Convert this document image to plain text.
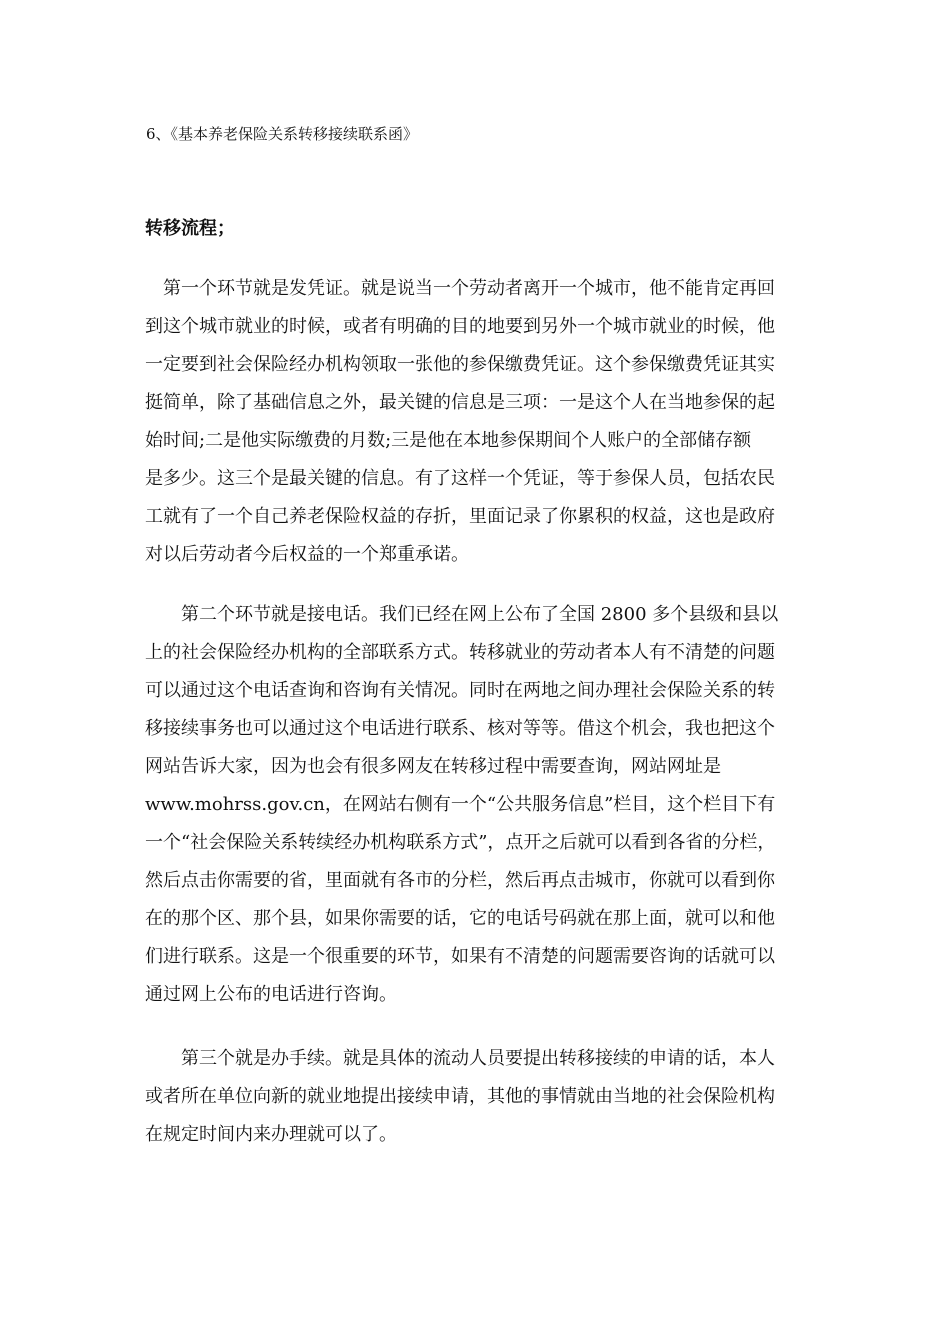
6、《基本养老保险关系转移接续联系函》
转移流程；
第一个环节就是发凭证。就是说当一个劳动者离开一个城市，他不能肯定再回
到这个城市就业的时候，或者有明确的目的地要到另外一个城市就业的时候，他
一定要到社会保险经办机构领取一张他的参保缴费凭证。这个参保缴费凭证其实
挺简单，除了基础信息之外，最关键的信息是三项：一是这个人在当地参保的起
始时间;二是他实际缴费的月数;三是他在本地参保期间个人账户的全部储存额
是多少。这三个是最关键的信息。有了这样一个凭证，等于参保人员，包括农民
工就有了一个自己养老保险权益的存折，里面记录了你累积的权益，这也是政府
对以后劳动者今后权益的一个郑重承诺。
第二个环节就是接电话。我们已经在网上公布了全国 2800 多个县级和县以
上的社会保险经办机构的全部联系方式。转移就业的劳动者本人有不清楚的问题
可以通过这个电话查询和咨询有关情况。同时在两地之间办理社会保险关系的转
移接续事务也可以通过这个电话进行联系、核对等等。借这个机会，我也把这个
网站告诉大家，因为也会有很多网友在转移过程中需要查询，网站网址是
www.mohrss.gov.cn，在网站右侧有一个“公共服务信息”栏目，这个栏目下有
一个“社会保险关系转续经办机构联系方式”，点开之后就可以看到各省的分栏，
然后点击你需要的省，里面就有各市的分栏，然后再点击城市，你就可以看到你
在的那个区、那个县，如果你需要的话，它的电话号码就在那上面，就可以和他
们进行联系。这是一个很重要的环节，如果有不清楚的问题需要咨询的话就可以
通过网上公布的电话进行咨询。
第三个就是办手续。就是具体的流动人员要提出转移接续的申请的话，本人
或者所在单位向新的就业地提出接续申请，其他的事情就由当地的社会保险机构
在规定时间内来办理就可以了。
